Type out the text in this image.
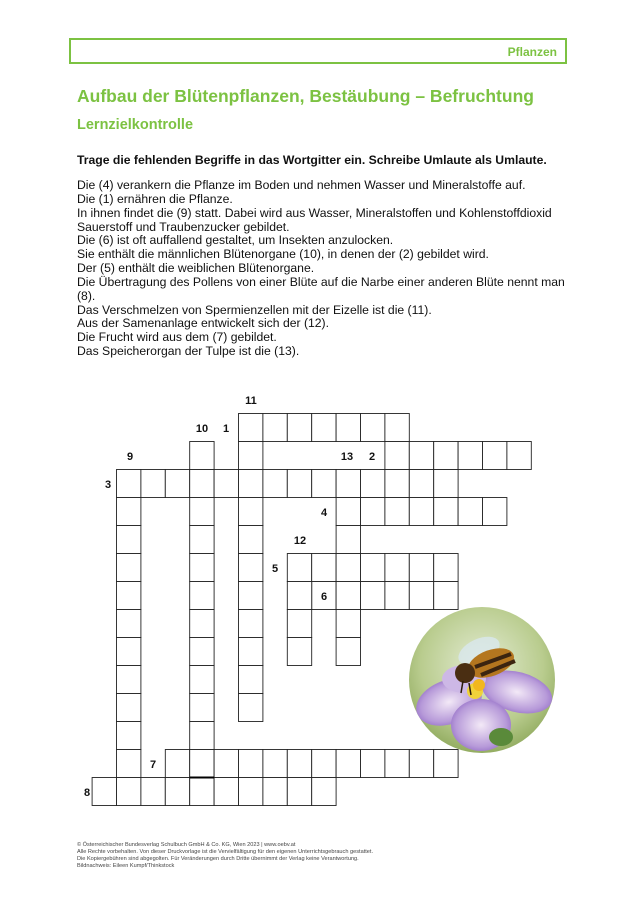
Pflanzen
Aufbau der Blütenpflanzen, Bestäubung – Befruchtung
Lernzielkontrolle

Trage die fehlenden Begriffe in das Wortgitter ein. Schreibe Umlaute als Umlaute.

Die (4) verankern die Pflanze im Boden und nehmen Wasser und Mineralstoffe auf.
Die (1) ernähren die Pflanze.
In ihnen findet die (9) statt. Dabei wird aus Wasser, Mineralstoffen und Kohlenstoffdioxid
Sauerstoff und Traubenzucker gebildet.
Die (6) ist oft auffallend gestaltet, um Insekten anzulocken.
Sie enthält die männlichen Blütenorgane (10), in denen der (2) gebildet wird.
Der (5) enthält die weiblichen Blütenorgane.
Die Übertragung des Pollens von einer Blüte auf die Narbe einer anderen Blüte nennt man
(8).
Das Verschmelzen von Spermienzellen mit der Eizelle ist die (11).
Aus der Samenanlage entwickelt sich der (12).
Die Frucht wird aus dem (7) gebildet.
Das Speicherorgan der Tulpe ist die (13).
11
10 1
9	13 2
3
4
12
5
6
7
8
© Österreichischer Bundesverlag Schulbuch GmbH & Co. KG, Wien 2023 | www.oebv.at
Alle Rechte vorbehalten. Von dieser Druckvorlage ist die Vervielfältigung für den eigenen Unterrichtsgebrauch gestattet.
Die Kopiergebühren sind abgegolten. Für Veränderungen durch Dritte übernimmt der Verlag keine Verantwortung.
Bildnachweis: Eileen Kumpf/Thinkstock
